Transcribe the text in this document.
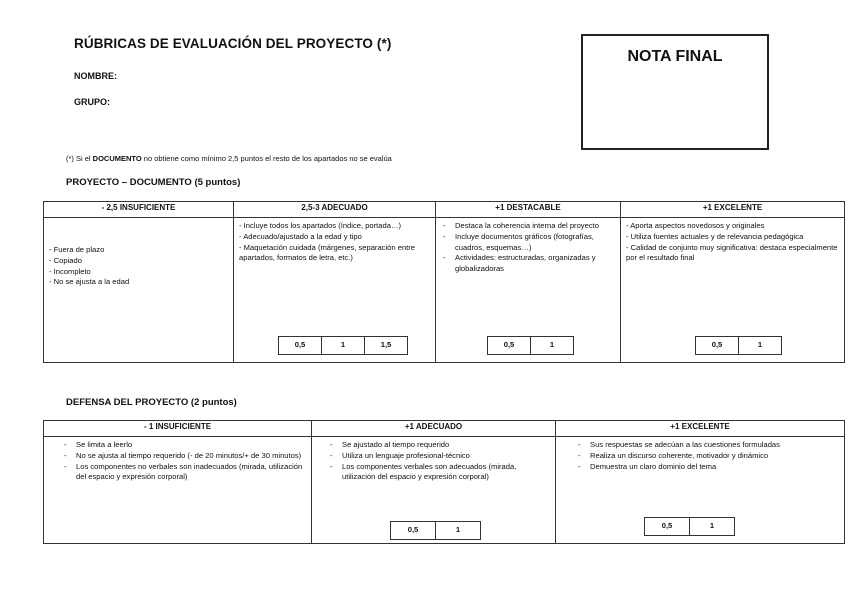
RÚBRICAS DE EVALUACIÓN DEL PROYECTO (*)
NOMBRE:
GRUPO:
NOTA FINAL
(*) Si el DOCUMENTO no obtiene como mínimo 2,5 puntos el resto de los apartados no se evalúa
PROYECTO – DOCUMENTO (5 puntos)
- 2,5 INSUFICIENTE	2,5-3 ADECUADO	+1 DESTACABLE	+1 EXCELENTE

- Fuera de plazo
- Copiado
- Incompleto
- No se ajusta a la edad

- Incluye todos los apartados (índice, portada…)
- Adecuado/ajustado a la edad y tipo
- Maquetación cuidada (márgenes, separación entre apartados, formatos de letra, etc.)
0,5	1	1,5

- Destaca la coherencia interna del proyecto
- Incluye documentos gráficos (fotografías, cuadros, esquemas…)
- Actividades: estructuradas, organizadas y globalizadoras
0,5	1

- Aporta aspectos novedosos y originales
- Utiliza fuentes actuales y de relevancia pedagógica
- Calidad de conjunto muy significativa: destaca especialmente por el resultado final
0,5	1
DEFENSA DEL PROYECTO (2 puntos)
- 1 INSUFICIENTE	+1 ADECUADO	+1 EXCELENTE

- Se limita a leerlo
- No se ajusta al tiempo requerido (- de 20 minutos/+ de 30 minutos)
- Los componentes no verbales son inadecuados (mirada, utilización del espacio y expresión corporal)

- Se ajustado al tiempo requerido
- Utiliza un lenguaje profesional-técnico
- Los componentes verbales son adecuados (mirada, utilización del espacio y expresión corporal)
0,5	1

- Sus respuestas se adecúan a las cuestiones formuladas
- Realiza un discurso coherente, motivador y dinámico
- Demuestra un claro dominio del tema
0,5	1
